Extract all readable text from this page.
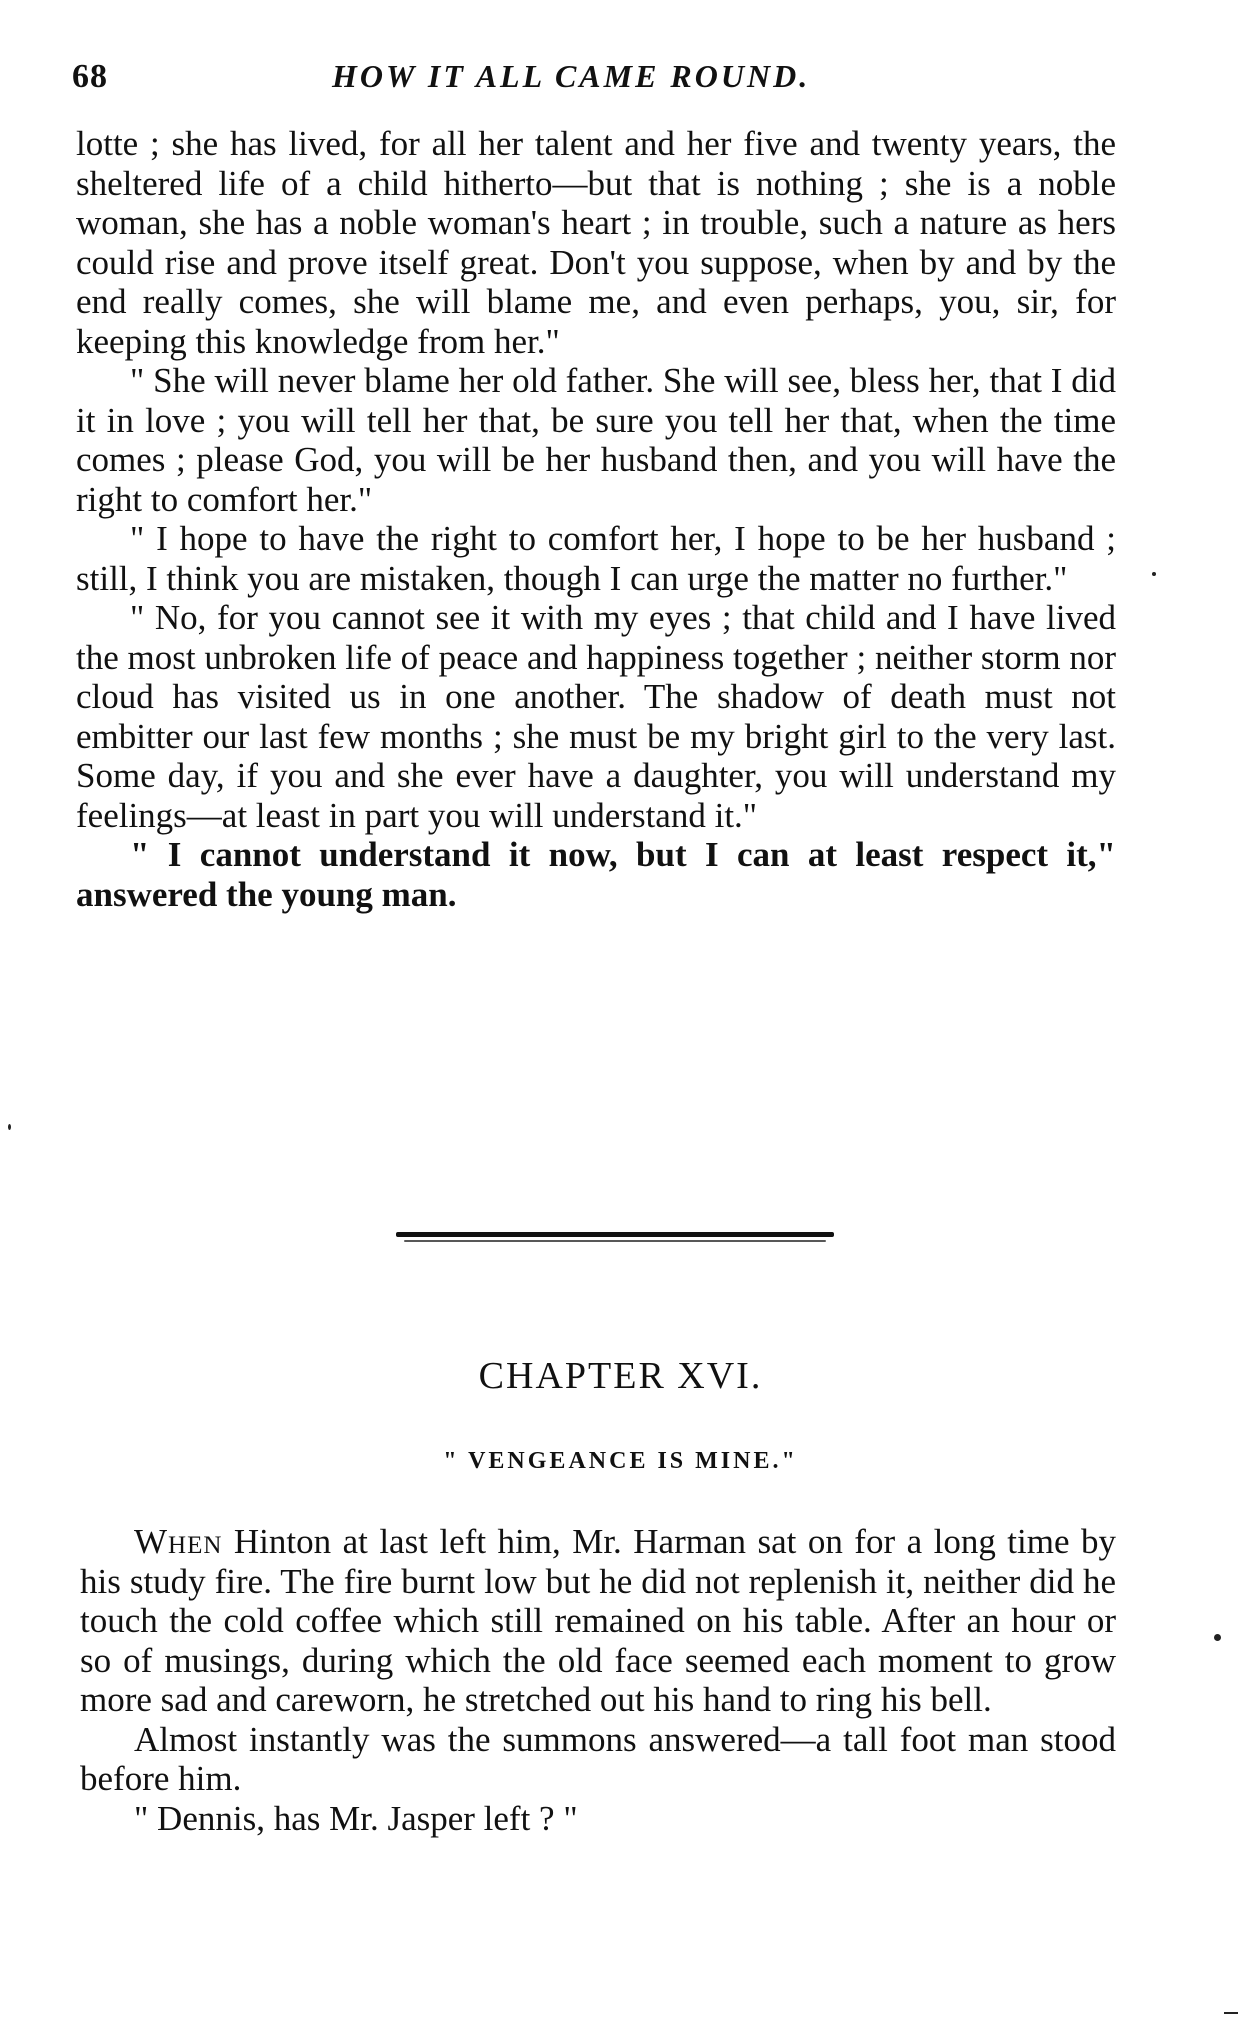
68	HOW IT ALL CAME ROUND.

lotte ; she has lived, for all her talent and her five and twenty years, the sheltered life of a child hitherto—but that is nothing ; she is a noble woman, she has a noble woman's heart ; in trouble, such a nature as hers could rise and prove itself great. Don't you suppose, when by and by the end really comes, she will blame me, and even perhaps, you, sir, for keeping this knowledge from her."

" She will never blame her old father. She will see, bless her, that I did it in love ; you will tell her that, be sure you tell her that, when the time comes ; please God, you will be her husband then, and you will have the right to comfort her."

" I hope to have the right to comfort her, I hope to be her husband ; still, I think you are mistaken, though I can urge the matter no further."

" No, for you cannot see it with my eyes ; that child and I have lived the most unbroken life of peace and happiness together ; neither storm nor cloud has visited us in one another. The shadow of death must not embitter our last few months ; she must be my bright girl to the very last. Some day, if you and she ever have a daughter, you will understand my feelings—at least in part you will understand it."

" I cannot understand it now, but I can at least respect it," answered the young man.

CHAPTER XVI.
" VENGEANCE IS MINE."

When Hinton at last left him, Mr. Harman sat on for a long time by his study fire. The fire burnt low but he did not replenish it, neither did he touch the cold coffee which still remained on his table. After an hour or so of musings, during which the old face seemed each moment to grow more sad and careworn, he stretched out his hand to ring his bell.

Almost instantly was the summons answered—a tall foot man stood before him.

" Dennis, has Mr. Jasper left ? "
